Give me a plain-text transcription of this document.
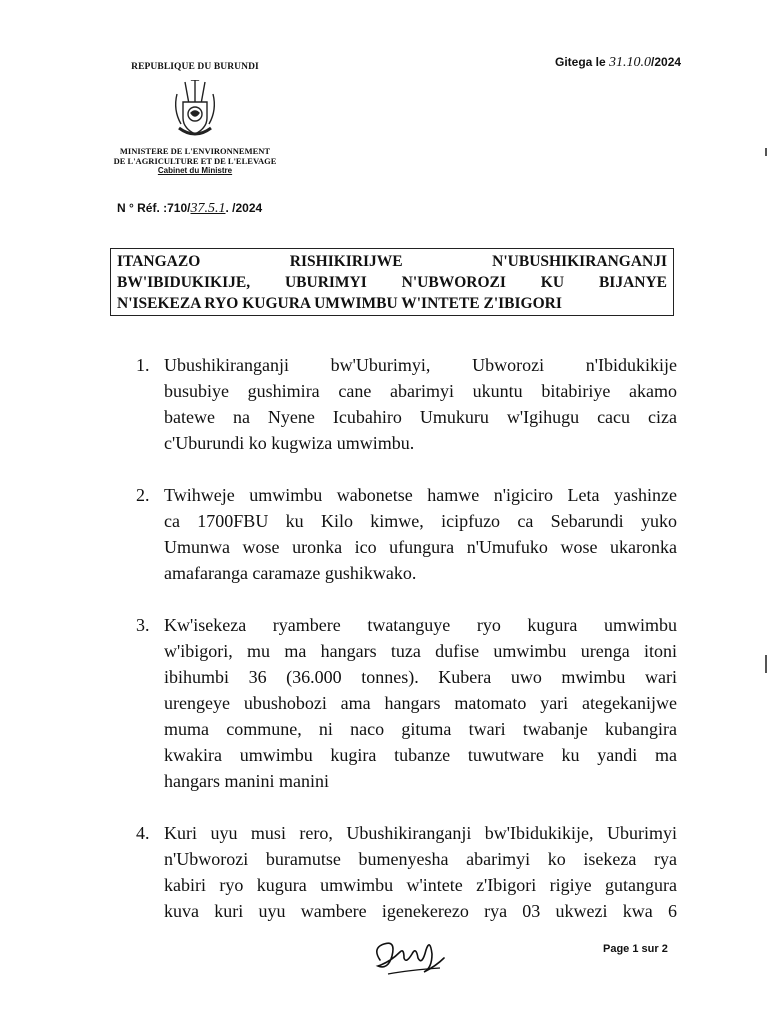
REPUBLIQUE DU BURUNDI
MINISTERE DE L'ENVIRONNEMENT
DE L'AGRICULTURE ET DE L'ELEVAGE
Cabinet du Ministre
Gitega le 31.10.0/2024
N ° Réf. :710/37.5.1. /2024
ITANGAZO RISHIKIRIJWE N'UBUSHIKIRANGANJI
BW'IBIDUKIKIJE, UBURIMYI N'UBWOROZI KU BIJANYE
N'ISEKEZA RYO KUGURA UMWIMBU W'INTETE Z'IBIGORI
1. Ubushikiranganji bw'Uburimyi, Ubworozi n'Ibidukikije
busubiye gushimira cane abarimyi ukuntu bitabiriye akamo
batewe na Nyene Icubahiro Umukuru w'Igihugu cacu ciza
c'Uburundi ko kugwiza umwimbu.
2. Twihweje umwimbu wabonetse hamwe n'igiciro Leta yashinze
ca 1700FBU ku Kilo kimwe, icipfuzo ca Sebarundi yuko
Umunwa wose uronka ico ufungura n'Umufuko wose ukaronka
amafaranga caramaze gushikwako.
3. Kw'isekeza ryambere twatanguye ryo kugura umwimbu
w'ibigori, mu ma hangars tuza dufise umwimbu urenga itoni
ibihumbi 36 (36.000 tonnes). Kubera uwo mwimbu wari
urengeye ubushobozi ama hangars matomato yari ategekanijwe
muma commune, ni naco gituma twari twabanje kubangira
kwakira umwimbu kugira tubanze tuwutware ku yandi ma
hangars manini manini
4. Kuri uyu musi rero, Ubushikiranganji bw'Ibidukikije, Uburimyi
n'Ubworozi buramutse bumenyesha abarimyi ko isekeza rya
kabiri ryo kugura umwimbu w'intete z'Ibigori rigiye gutangura
kuva kuri uyu wambere igenekerezo rya 03 ukwezi kwa 6
Page 1 sur 2
